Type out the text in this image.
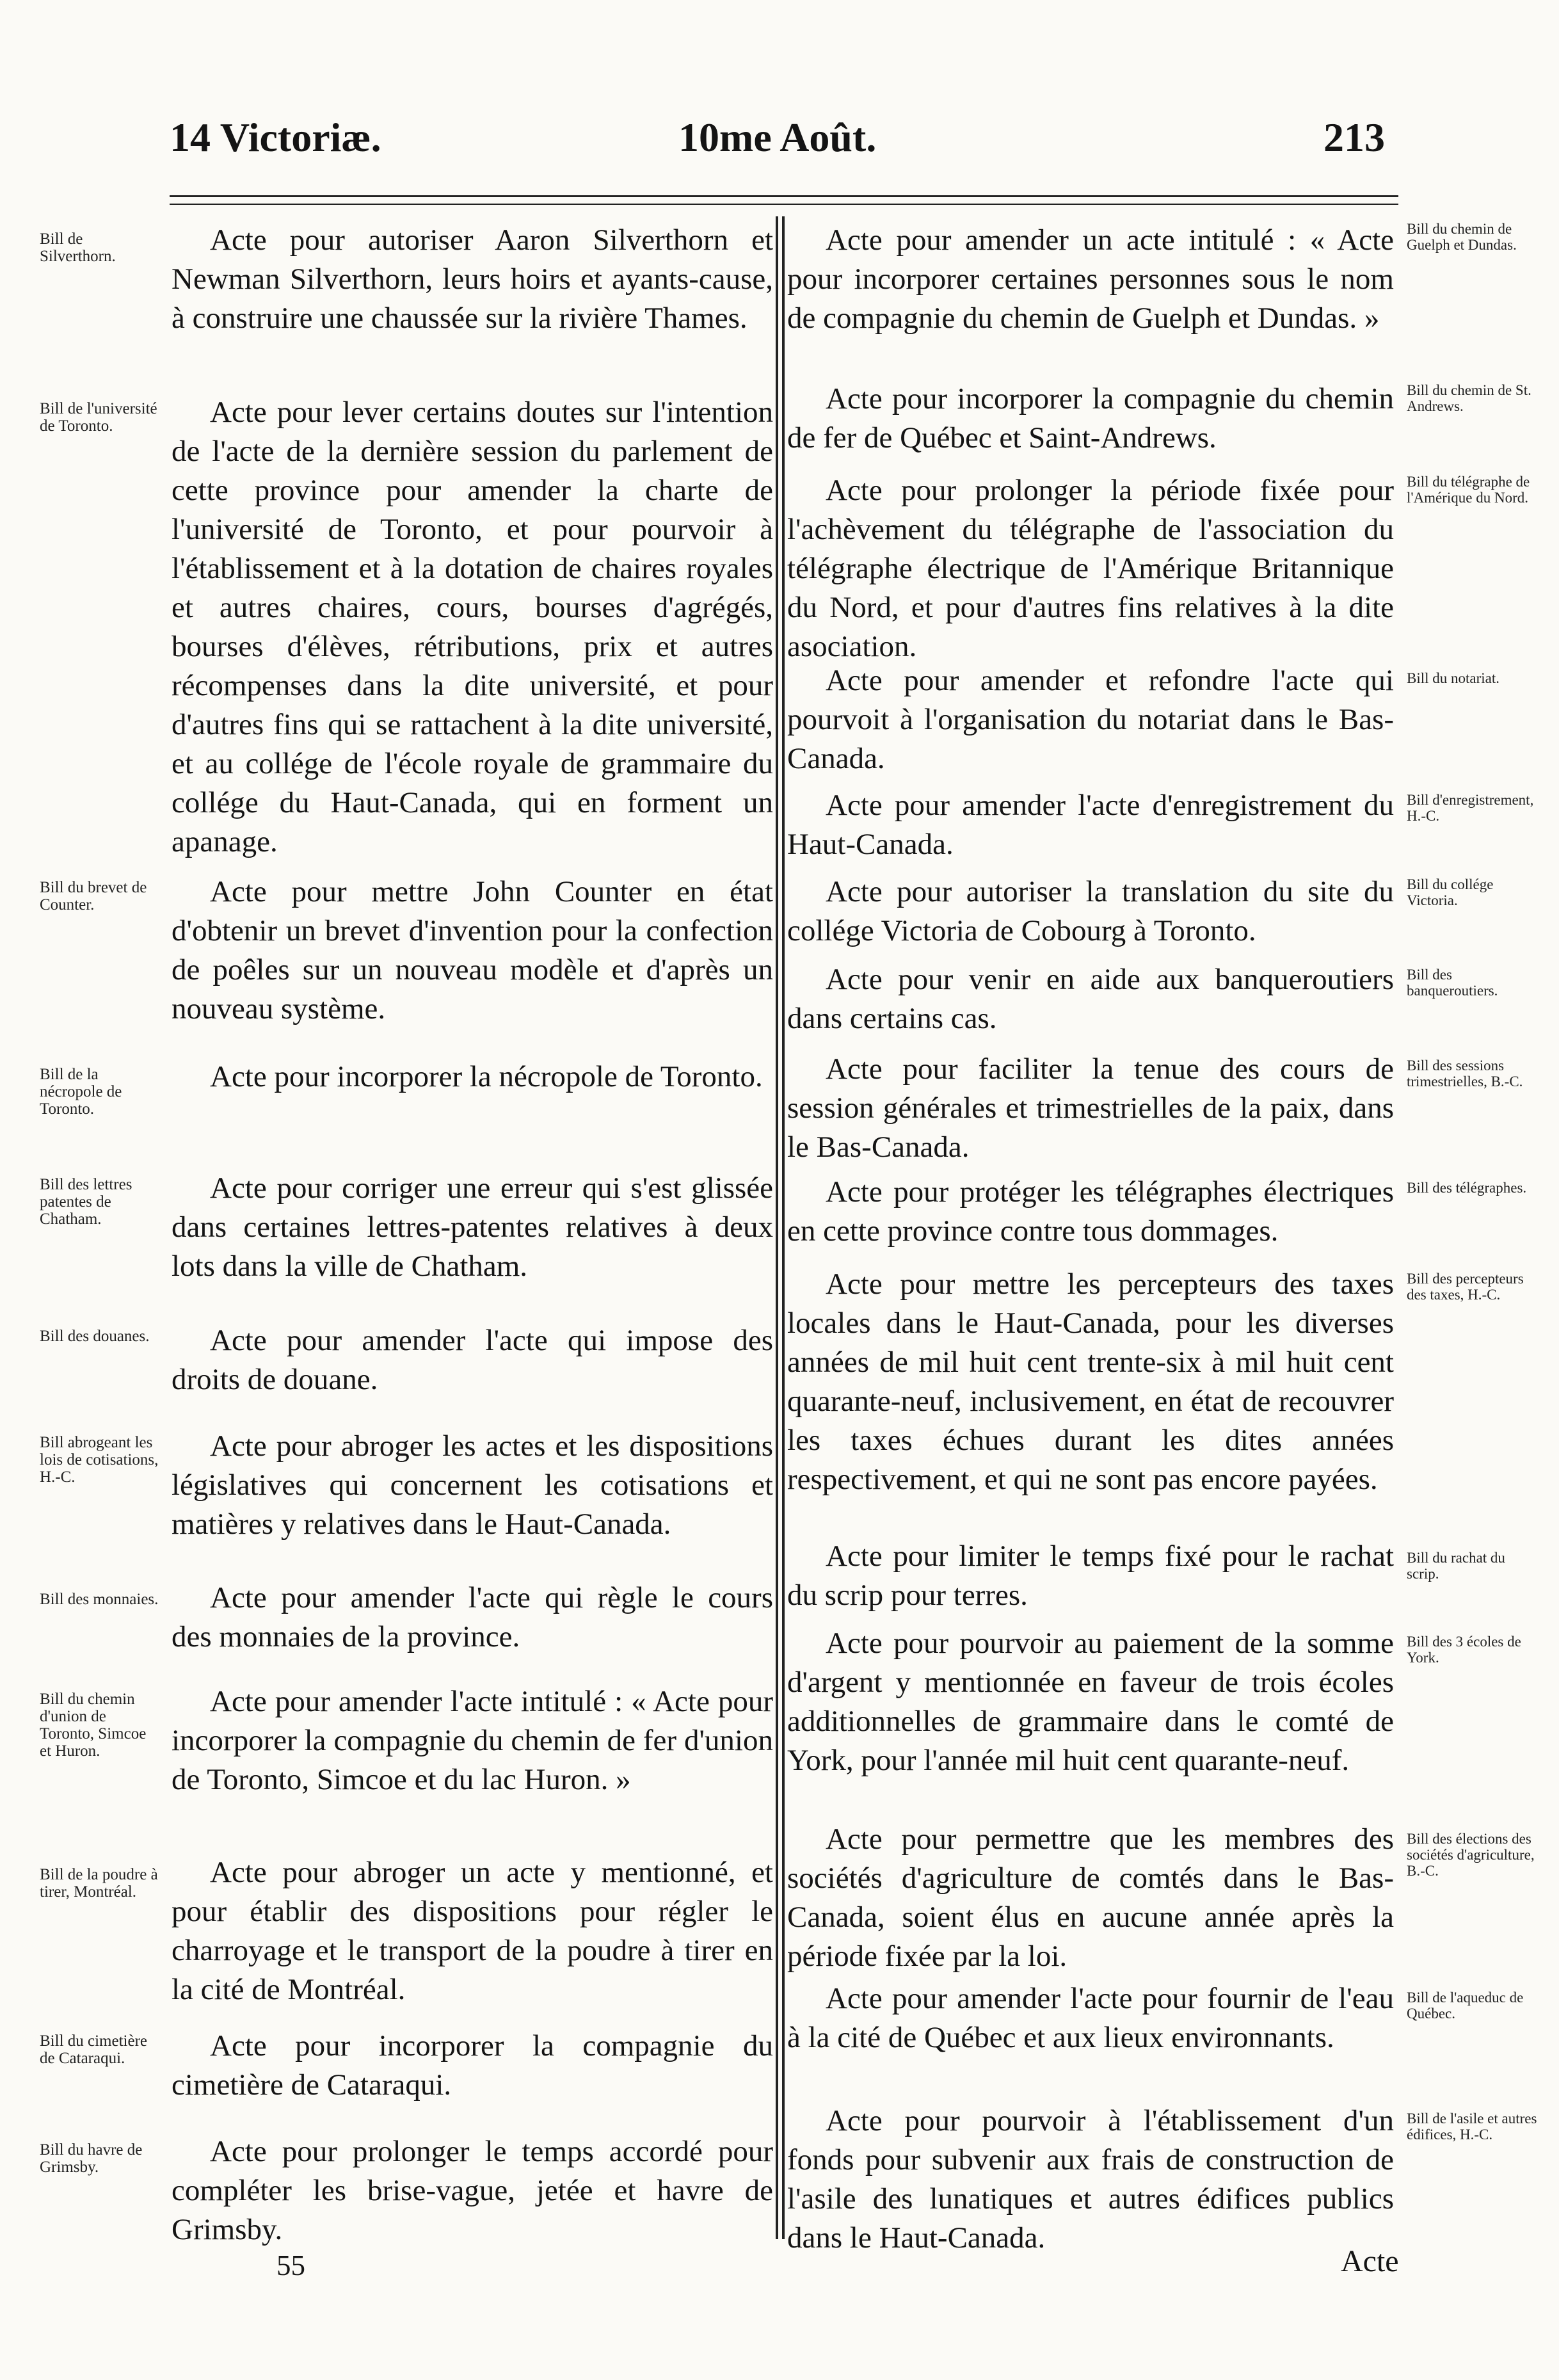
14 Victoriæ.	10me Août.	213
Bill de Silverthorn.	Acte pour autoriser Aaron Silverthorn et Newman Silverthorn, leurs hoirs et ayants-cause, à construire une chaussée sur la rivière Thames.

Bill de l'université de Toronto.	Acte pour lever certains doutes sur l'intention de l'acte de la dernière session du parlement de cette province pour amender la charte de l'université de Toronto, et pour pourvoir à l'établissement et à la dotation de chaires royales et autres chaires, cours, bourses d'agrégés, bourses d'élèves, rétributions, prix et autres récompenses dans la dite université, et pour d'autres fins qui se rattachent à la dite université, et au collége de l'école royale de grammaire du collége du Haut-Canada, qui en forment un apanage.

Bill du brevet de Counter.	Acte pour mettre John Counter en état d'obtenir un brevet d'invention pour la confection de poêles sur un nouveau modèle et d'après un nouveau système.

Bill de la nécropole de Toronto.

Acte pour incorporer la nécropole de Toronto.

Bill des lettres patentes de Chatham.

Acte pour corriger une erreur qui s'est glissée dans certaines lettres-patentes relatives à deux lots dans la ville de Chatham.

Bill des douanes.	Acte pour amender l'acte qui impose des droits de douane.

Bill abrogeant les lois de cotisations, H.-C.

Acte pour abroger les actes et les dispositions législatives qui concernent les cotisations et matières y relatives dans le Haut-Canada.

Bill des monnaies.	Acte pour amender l'acte qui règle le cours des monnaies de la province.

Bill du chemin d'union de Toronto, Simcoe et Huron.

Acte pour amender l'acte intitulé : « Acte pour incorporer la compagnie du chemin de fer d'union de Toronto, Simcoe et du lac Huron. »

Bill de la poudre à tirer, Montréal.

Acte pour abroger un acte y mentionné, et pour établir des dispositions pour régler le charroyage et le transport de la poudre à tirer en la cité de Montréal.

Bill du cimetière de Cataraqui.	Acte pour incorporer la compagnie du cimetière de Cataraqui.

Bill du havre de Grimsby.	Acte pour prolonger le temps accordé pour compléter les brise-vague, jetée et havre de Grimsby.

Bill du chemin de Guelph et Dundas.

Acte pour amender un acte intitulé : « Acte pour incorporer certaines personnes sous le nom de compagnie du chemin de Guelph et Dundas. »

Bill du chemin de St. Andrews.

Acte pour incorporer la compagnie du chemin de fer de Québec et Saint-Andrews.

Bill du télégraphe de l'Amérique du Nord.

Acte pour prolonger la période fixée pour l'achèvement du télégraphe de l'association du télégraphe électrique de l'Amérique Britannique du Nord, et pour d'autres fins relatives à la dite asociation.

Bill du notariat.

Acte pour amender et refondre l'acte qui pourvoit à l'organisation du notariat dans le Bas-Canada.

Bill d'enregistrement, H.-C.

Acte pour amender l'acte d'enregistrement du Haut-Canada.

Bill du collége Victoria.

Acte pour autoriser la translation du site du collége Victoria de Cobourg à Toronto.

Bill des banqueroutiers.

Acte pour venir en aide aux banqueroutiers dans certains cas.

Bill des sessions trimestrielles, B.-C.

Acte pour faciliter la tenue des cours de session générales et trimestrielles de la paix, dans le Bas-Canada.

Bill des télégraphes.

Acte pour protéger les télégraphes électriques en cette province contre tous dommages.

Bill des percepteurs des taxes, H.-C.

Acte pour mettre les percepteurs des taxes locales dans le Haut-Canada, pour les diverses années de mil huit cent trente-six à mil huit cent quarante-neuf, inclusivement, en état de recouvrer les taxes échues durant les dites années respectivement, et qui ne sont pas encore payées.

Bill du rachat du scrip.

Acte pour limiter le temps fixé pour le rachat du scrip pour terres.

Bill des 3 écoles de York.

Acte pour pourvoir au paiement de la somme d'argent y mentionnée en faveur de trois écoles additionnelles de grammaire dans le comté de York, pour l'année mil huit cent quarante-neuf.

Bill des élections des sociétés d'agriculture, B.-C.

Acte pour permettre que les membres des sociétés d'agriculture de comtés dans le Bas-Canada, soient élus en aucune année après la période fixée par la loi.

Bill de l'aqueduc de Québec.

Acte pour amender l'acte pour fournir de l'eau à la cité de Québec et aux lieux environnants.

Bill de l'asile et autres édifices, H.-C.

Acte pour pourvoir à l'établissement d'un fonds pour subvenir aux frais de construction de l'asile des lunatiques et autres édifices publics dans le Haut-Canada.

55	Acte
